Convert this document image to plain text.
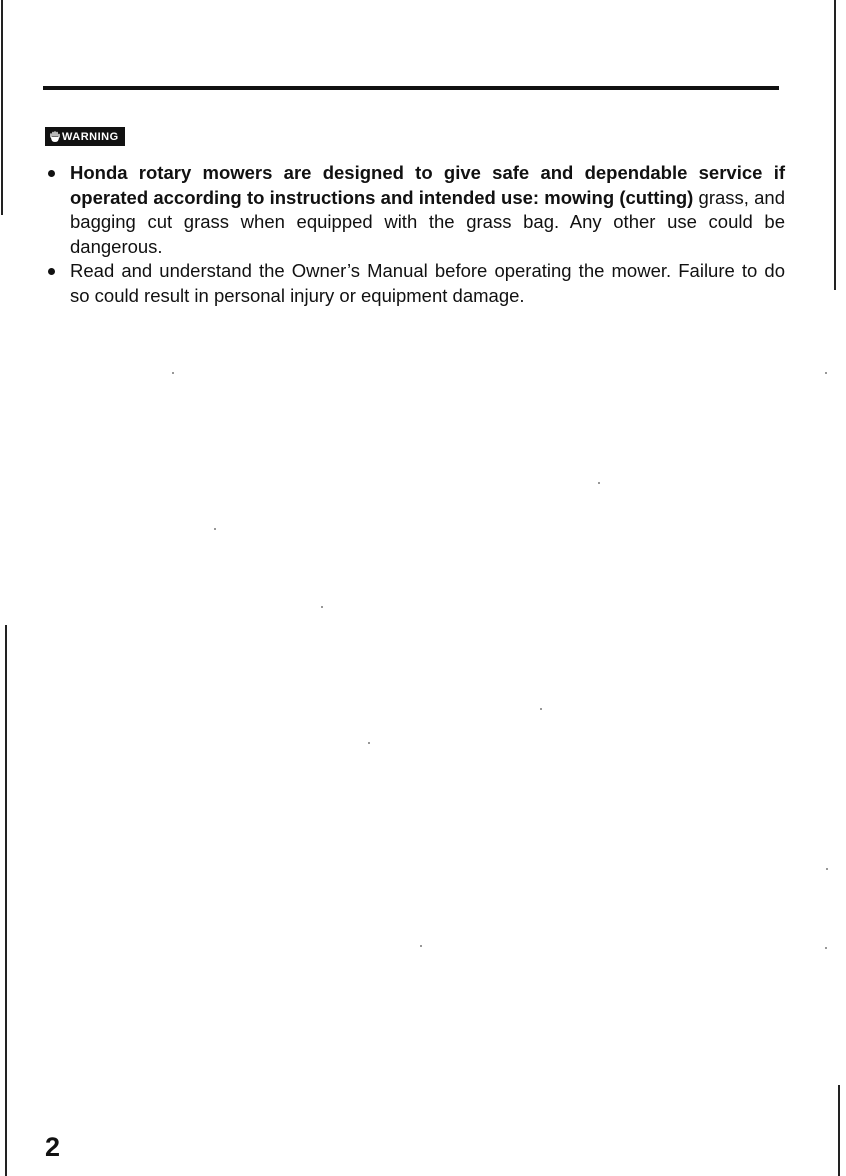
WARNING
Honda rotary mowers are designed to give safe and dependable service if operated according to instructions and intended use: mowing (cutting) grass, and bagging cut grass when equipped with the grass bag. Any other use could be dangerous.
Read and understand the Owner’s Manual before operating the mower. Failure to do so could result in personal injury or equipment damage.
2
